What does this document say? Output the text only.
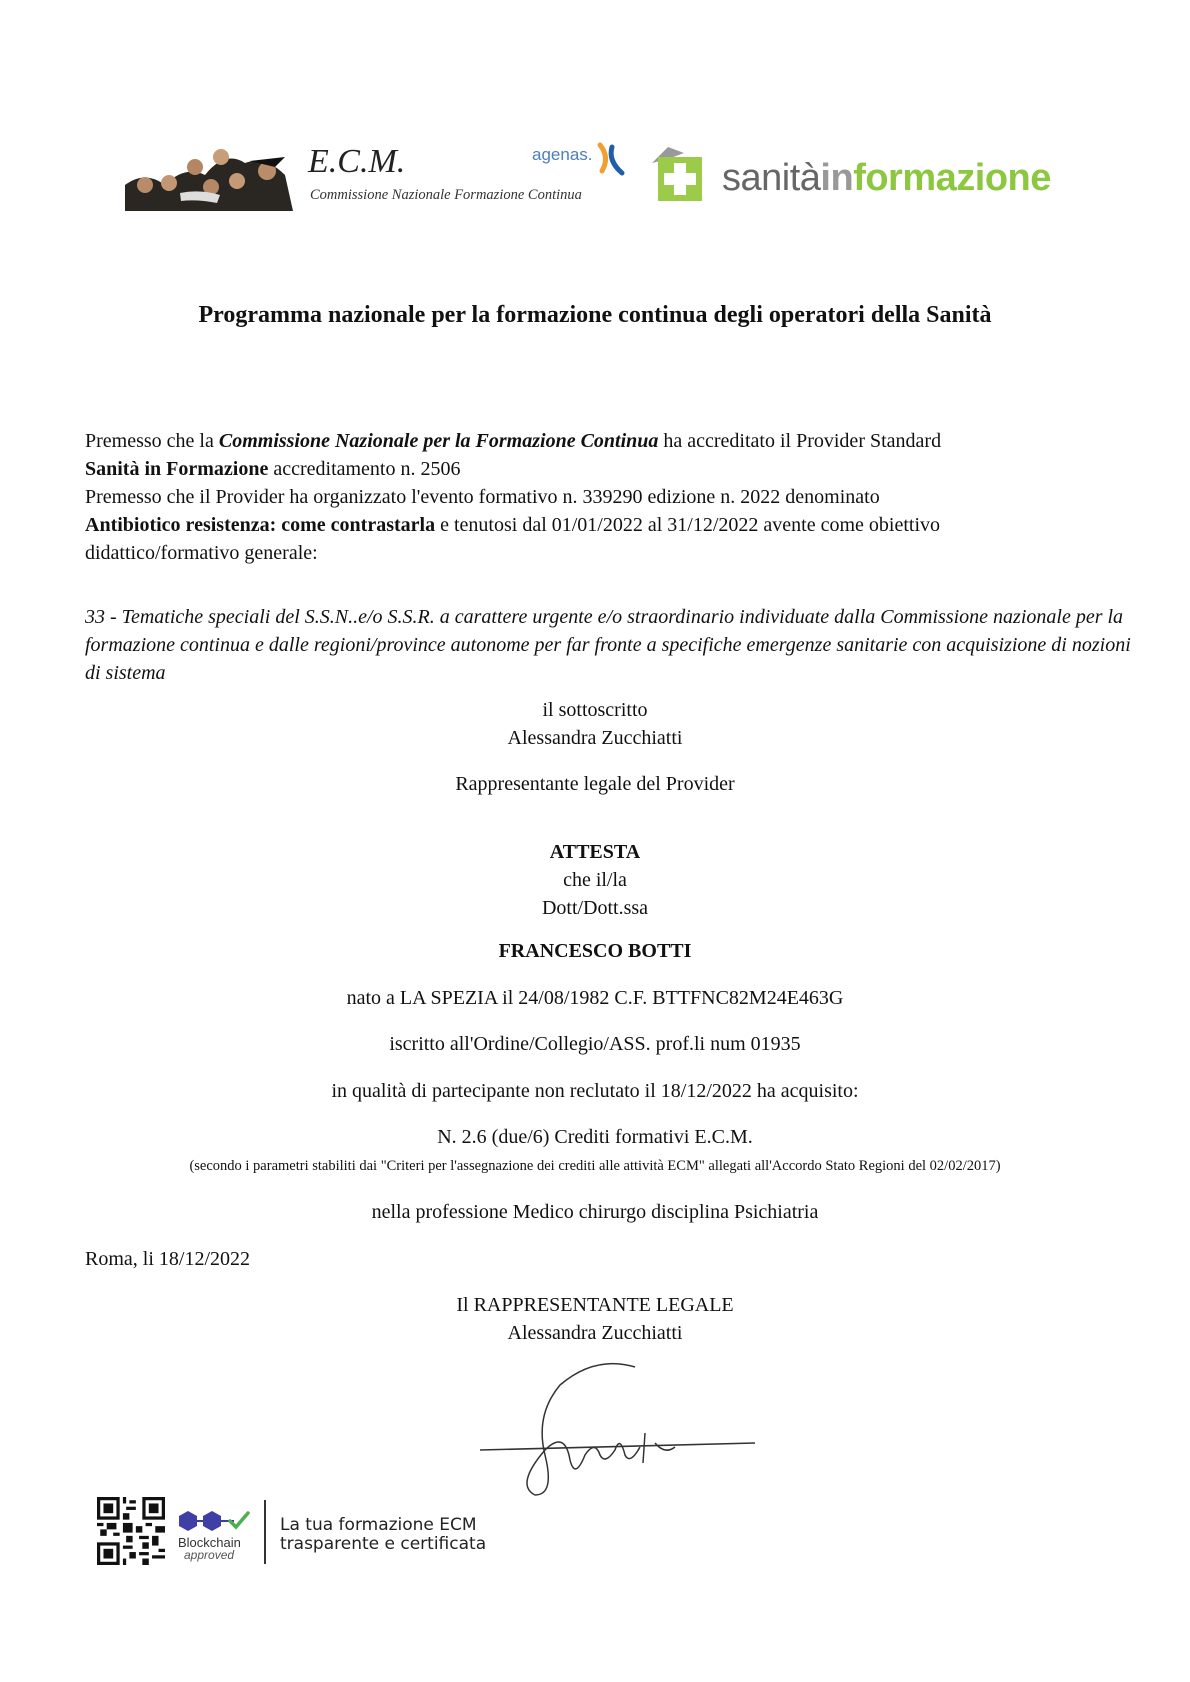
E.C.M.
Commissione Nazionale Formazione Continua
agenas.
sanitàinformazione
Programma nazionale per la formazione continua degli operatori della Sanità
Premesso che la Commissione Nazionale per la Formazione Continua ha accreditato il Provider Standard
Sanità in Formazione accreditamento n. 2506
Premesso che il Provider ha organizzato l'evento formativo n. 339290 edizione n. 2022 denominato
Antibiotico resistenza: come contrastarla e tenutosi dal 01/01/2022 al 31/12/2022 avente come obiettivo
didattico/formativo generale:
33 - Tematiche speciali del S.S.N..e/o S.S.R. a carattere urgente e/o straordinario individuate dalla Commissione nazionale per la formazione continua e dalle regioni/province autonome per far fronte a specifiche emergenze sanitarie con acquisizione di nozioni di sistema
il sottoscritto
Alessandra Zucchiatti
Rappresentante legale del Provider
ATTESTA
che il/la
Dott/Dott.ssa
FRANCESCO BOTTI
nato a LA SPEZIA il 24/08/1982 C.F. BTTFNC82M24E463G
iscritto all'Ordine/Collegio/ASS. prof.li num 01935
in qualità di partecipante non reclutato il 18/12/2022 ha acquisito:
N. 2.6 (due/6) Crediti formativi E.C.M.
(secondo i parametri stabiliti dai "Criteri per l'assegnazione dei crediti alle attività ECM" allegati all'Accordo Stato Regioni del 02/02/2017)
nella professione Medico chirurgo disciplina Psichiatria
Roma, li 18/12/2022
Il RAPPRESENTANTE LEGALE
Alessandra Zucchiatti
Blockchain
approved
La tua formazione ECM
trasparente e certificata
